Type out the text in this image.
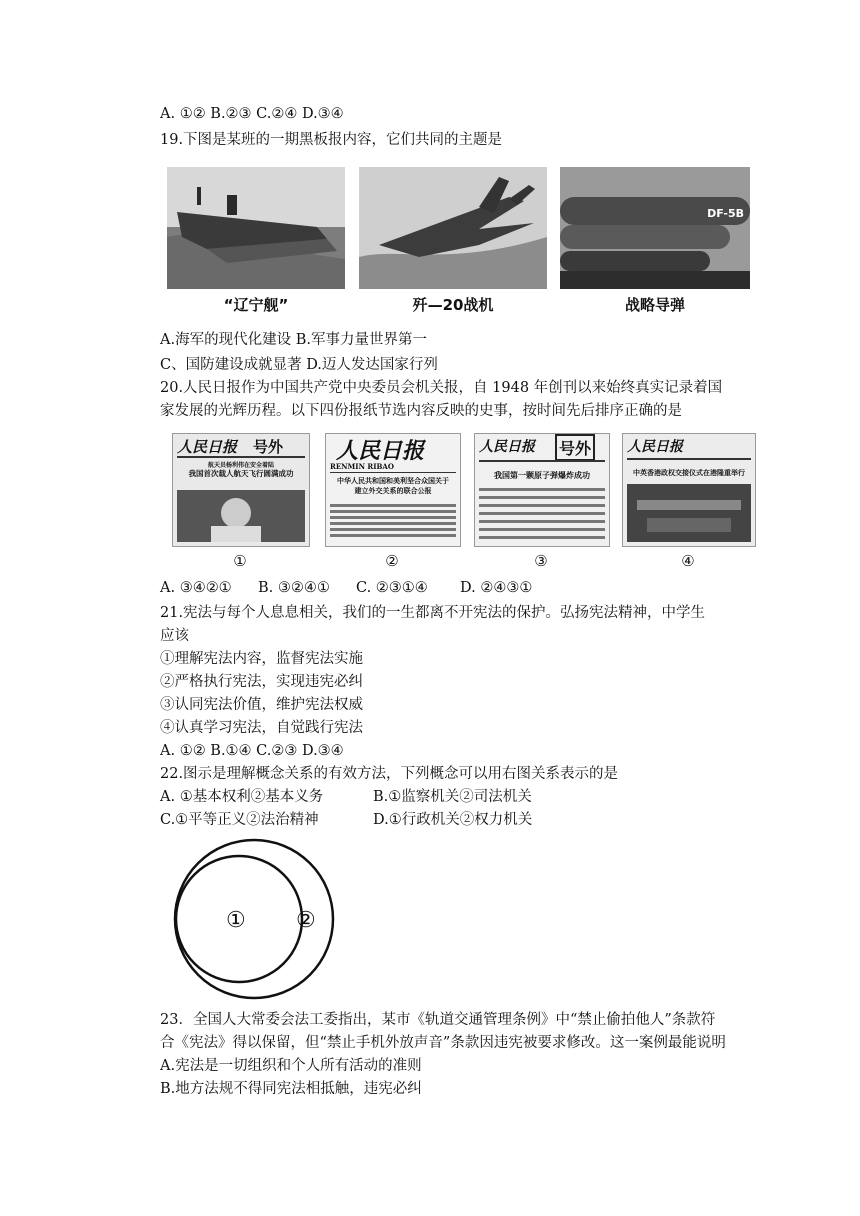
A. ①② B.②③ C.②④ D.③④
19.下图是某班的一期黑板报内容，它们共同的主题是
“辽宁舰”	歼—20战机
DF-5B
战略导弹
A.海军的现代化建设 B.军事力量世界第一
C、国防建设成就显著 D.迈人发达国家行列
20.人民日报作为中国共产党中央委员会机关报，自 1948 年创刊以来始终真实记录着国
家发展的光辉历程。以下四份报纸节选内容反映的史事，按时间先后排序正确的是
人民日报 号外
航天员杨利伟在安全着陆
我国首次载人航天飞行圆满成功
人民日报
RENMIN RIBAO
中华人民共和国和美利坚合众国关于建立外交关系的联合公报
人民日报 号外
我国第一颗原子弹爆炸成功
人民日报
中英香港政权交接仪式在港隆重举行
①	②	③	④
A. ③④②① B. ③②④① C. ②③①④ D. ②④③①
21.宪法与每个人息息相关，我们的一生都离不开宪法的保护。弘扬宪法精神，中学生
应该
①理解宪法内容，监督宪法实施
②严格执行宪法，实现违宪必纠
③认同宪法价值，维护宪法权威
④认真学习宪法，自觉践行宪法
A. ①② B.①④ C.②③ D.③④
22.图示是理解概念关系的有效方法，下列概念可以用右图关系表示的是
A. ①基本权利②基本义务	B.①监察机关②司法机关
C.①平等正义②法治精神	D.①行政机关②权力机关
① ②
23．全国人大常委会法工委指出，某市《轨道交通管理条例》中“禁止偷拍他人”条款符
合《宪法》得以保留，但“禁止手机外放声音”条款因违宪被要求修改。这一案例最能说明
A.宪法是一切组织和个人所有活动的准则
B.地方法规不得同宪法相抵触，违宪必纠
